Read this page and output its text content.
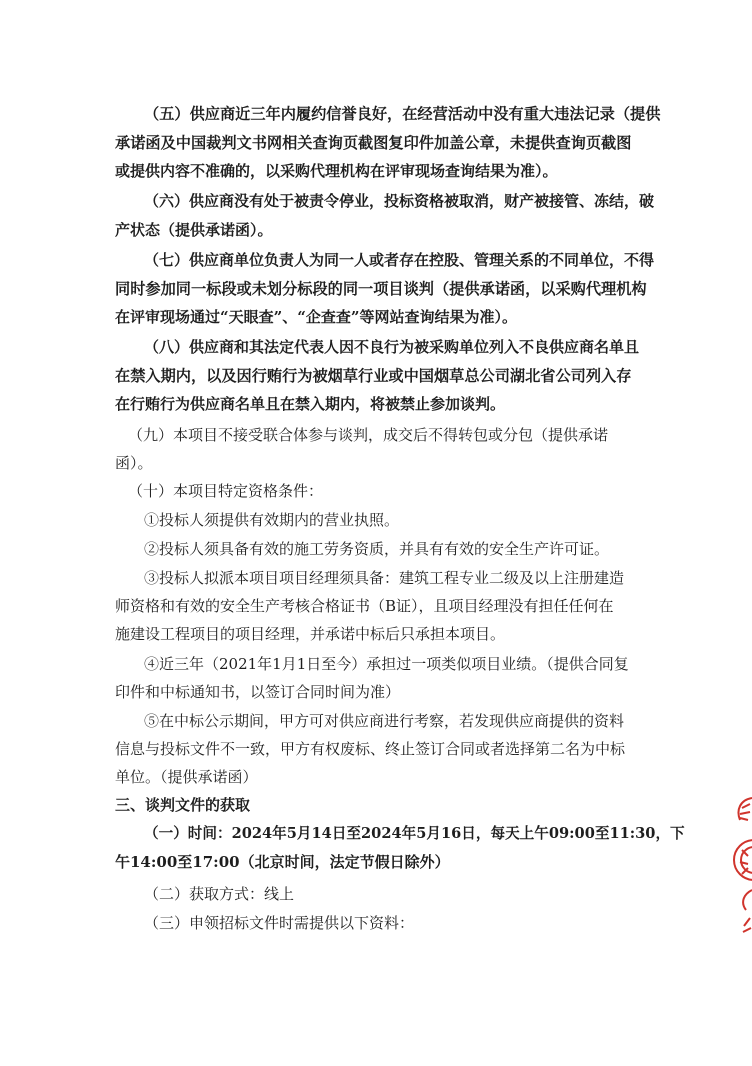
（五）供应商近三年内履约信誉良好，在经营活动中没有重大违法记录（提供
承诺函及中国裁判文书网相关查询页截图复印件加盖公章，未提供查询页截图
或提供内容不准确的，以采购代理机构在评审现场查询结果为准）。
（六）供应商没有处于被责令停业，投标资格被取消，财产被接管、冻结，破
产状态（提供承诺函）。
（七）供应商单位负责人为同一人或者存在控股、管理关系的不同单位，不得
同时参加同一标段或未划分标段的同一项目谈判（提供承诺函，以采购代理机构
在评审现场通过“天眼查”、“企查查”等网站查询结果为准）。
（八）供应商和其法定代表人因不良行为被采购单位列入不良供应商名单且
在禁入期内，以及因行贿行为被烟草行业或中国烟草总公司湖北省公司列入存
在行贿行为供应商名单且在禁入期内，将被禁止参加谈判。
（九）本项目不接受联合体参与谈判，成交后不得转包或分包（提供承诺
函）。
（十）本项目特定资格条件：
①投标人须提供有效期内的营业执照。
②投标人须具备有效的施工劳务资质，并具有有效的安全生产许可证。
③投标人拟派本项目项目经理须具备：建筑工程专业二级及以上注册建造
师资格和有效的安全生产考核合格证书（B证），且项目经理没有担任任何在
施建设工程项目的项目经理，并承诺中标后只承担本项目。
④近三年（2021年1月1日至今）承担过一项类似项目业绩。（提供合同复
印件和中标通知书，以签订合同时间为准）
⑤在中标公示期间，甲方可对供应商进行考察，若发现供应商提供的资料
信息与投标文件不一致，甲方有权废标、终止签订合同或者选择第二名为中标
单位。（提供承诺函）
三、谈判文件的获取
（一）时间：2024年5月14日至2024年5月16日，每天上午09:00至11:30，下
午14:00至17:00（北京时间，法定节假日除外）
（二）获取方式：线上
（三）申领招标文件时需提供以下资料：
